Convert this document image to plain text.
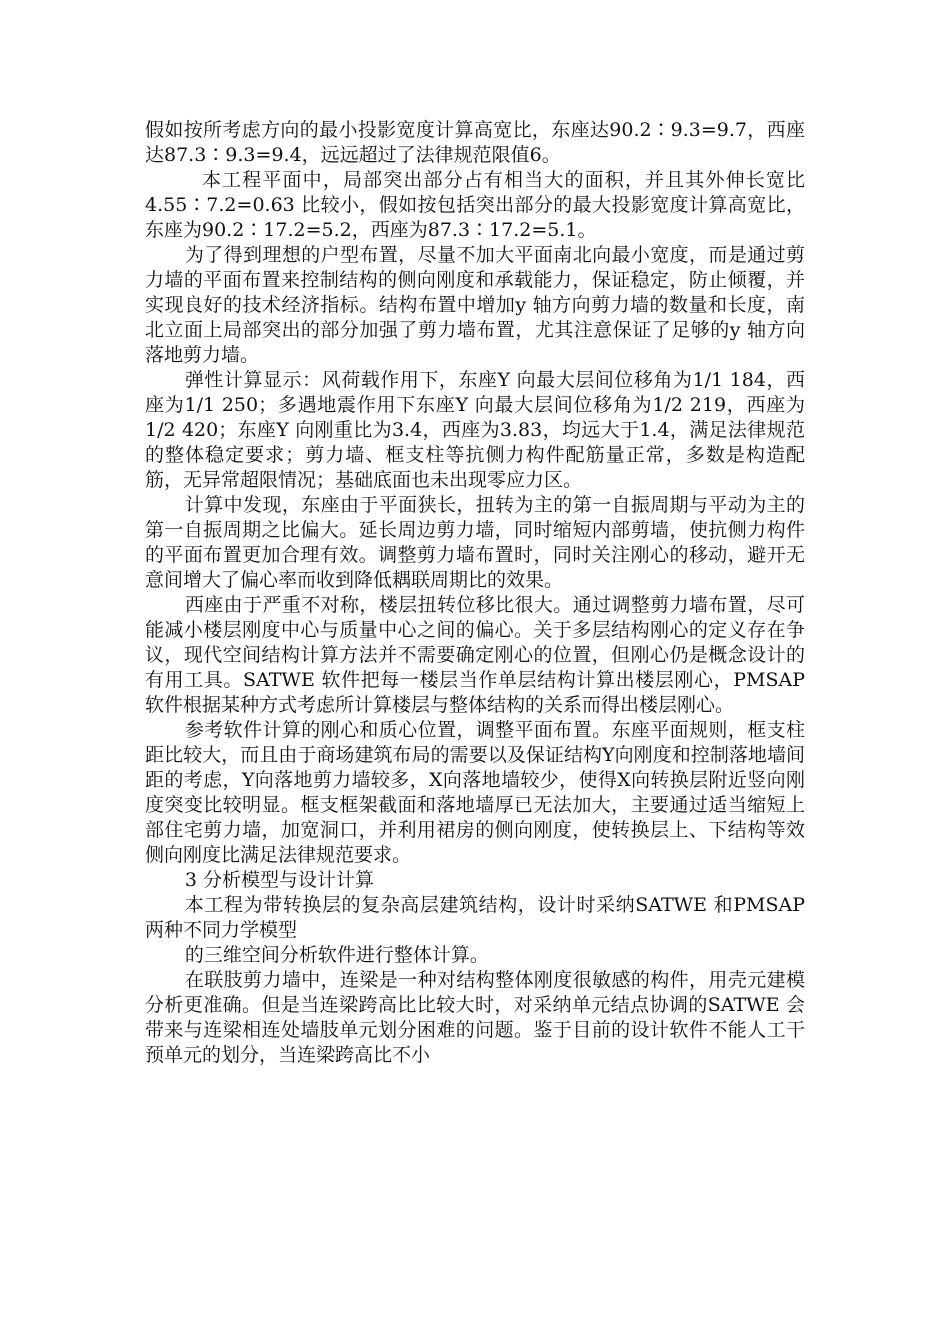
假如按所考虑方向的最小投影宽度计算高宽比，东座达90.2∶9.3=9.7，西座达87.3∶9.3=9.4，远远超过了法律规范限值6。

本工程平面中，局部突出部分占有相当大的面积，并且其外伸长宽比4.55∶7.2=0.63 比较小，假如按包括突出部分的最大投影宽度计算高宽比，东座为90.2∶17.2=5.2，西座为87.3∶17.2=5.1。

为了得到理想的户型布置，尽量不加大平面南北向最小宽度，而是通过剪力墙的平面布置来控制结构的侧向刚度和承载能力，保证稳定，防止倾覆，并实现良好的技术经济指标。结构布置中增加y 轴方向剪力墙的数量和长度，南北立面上局部突出的部分加强了剪力墙布置，尤其注意保证了足够的y 轴方向落地剪力墙。

弹性计算显示：风荷载作用下，东座Y 向最大层间位移角为1/1 184，西座为1/1 250；多遇地震作用下东座Y 向最大层间位移角为1/2 219，西座为1/2 420；东座Y 向刚重比为3.4，西座为3.83，均远大于1.4，满足法律规范的整体稳定要求；剪力墙、框支柱等抗侧力构件配筋量正常，多数是构造配筋，无异常超限情况；基础底面也未出现零应力区。

计算中发现，东座由于平面狭长，扭转为主的第一自振周期与平动为主的第一自振周期之比偏大。延长周边剪力墙，同时缩短内部剪墙，使抗侧力构件的平面布置更加合理有效。调整剪力墙布置时，同时关注刚心的移动，避开无意间增大了偏心率而收到降低耦联周期比的效果。

西座由于严重不对称，楼层扭转位移比很大。通过调整剪力墙布置，尽可能减小楼层刚度中心与质量中心之间的偏心。关于多层结构刚心的定义存在争议，现代空间结构计算方法并不需要确定刚心的位置，但刚心仍是概念设计的有用工具。SATWE 软件把每一楼层当作单层结构计算出楼层刚心，PMSAP 软件根据某种方式考虑所计算楼层与整体结构的关系而得出楼层刚心。

参考软件计算的刚心和质心位置，调整平面布置。东座平面规则，框支柱距比较大，而且由于商场建筑布局的需要以及保证结构Y向刚度和控制落地墙间距的考虑，Y向落地剪力墙较多，X向落地墙较少，使得X向转换层附近竖向刚度突变比较明显。框支框架截面和落地墙厚已无法加大，主要通过适当缩短上部住宅剪力墙，加宽洞口，并利用裙房的侧向刚度，使转换层上、下结构等效侧向刚度比满足法律规范要求。

3 分析模型与设计计算

本工程为带转换层的复杂高层建筑结构，设计时采纳SATWE 和PMSAP 两种不同力学模型

的三维空间分析软件进行整体计算。

在联肢剪力墙中，连梁是一种对结构整体刚度很敏感的构件，用壳元建模分析更准确。但是当连梁跨高比比较大时，对采纳单元结点协调的SATWE 会带来与连梁相连处墙肢单元划分困难的问题。鉴于目前的设计软件不能人工干预单元的划分，当连梁跨高比不小
